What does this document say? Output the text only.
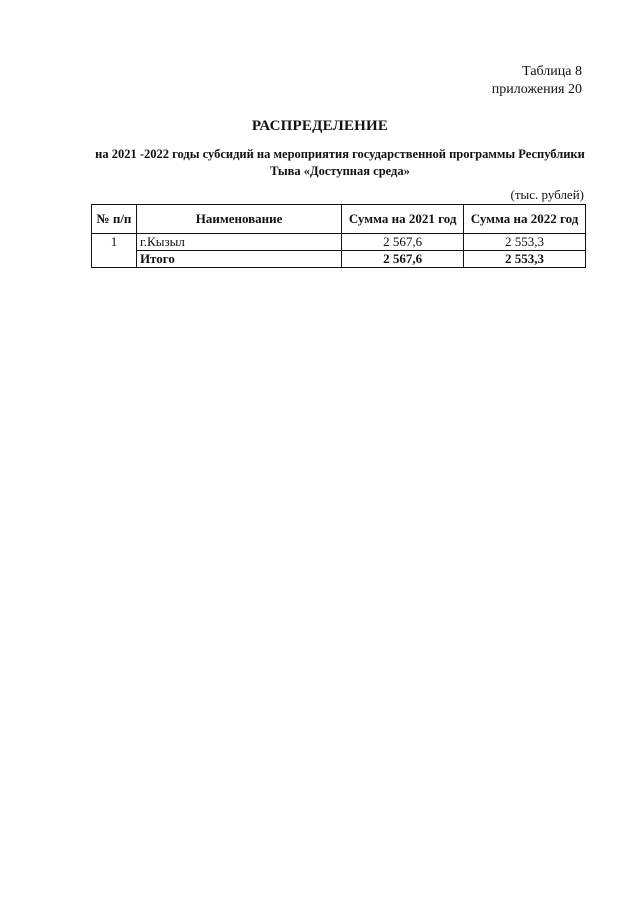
Таблица 8
приложения 20
РАСПРЕДЕЛЕНИЕ
на 2021 -2022 годы субсидий на мероприятия государственной программы Республики
Тыва «Доступная среда»
(тыс. рублей)
№ п/п	Наименование	Сумма на 2021 год	Сумма на 2022 год
1	г.Кызыл	2 567,6	2 553,3
	Итого	2 567,6	2 553,3
